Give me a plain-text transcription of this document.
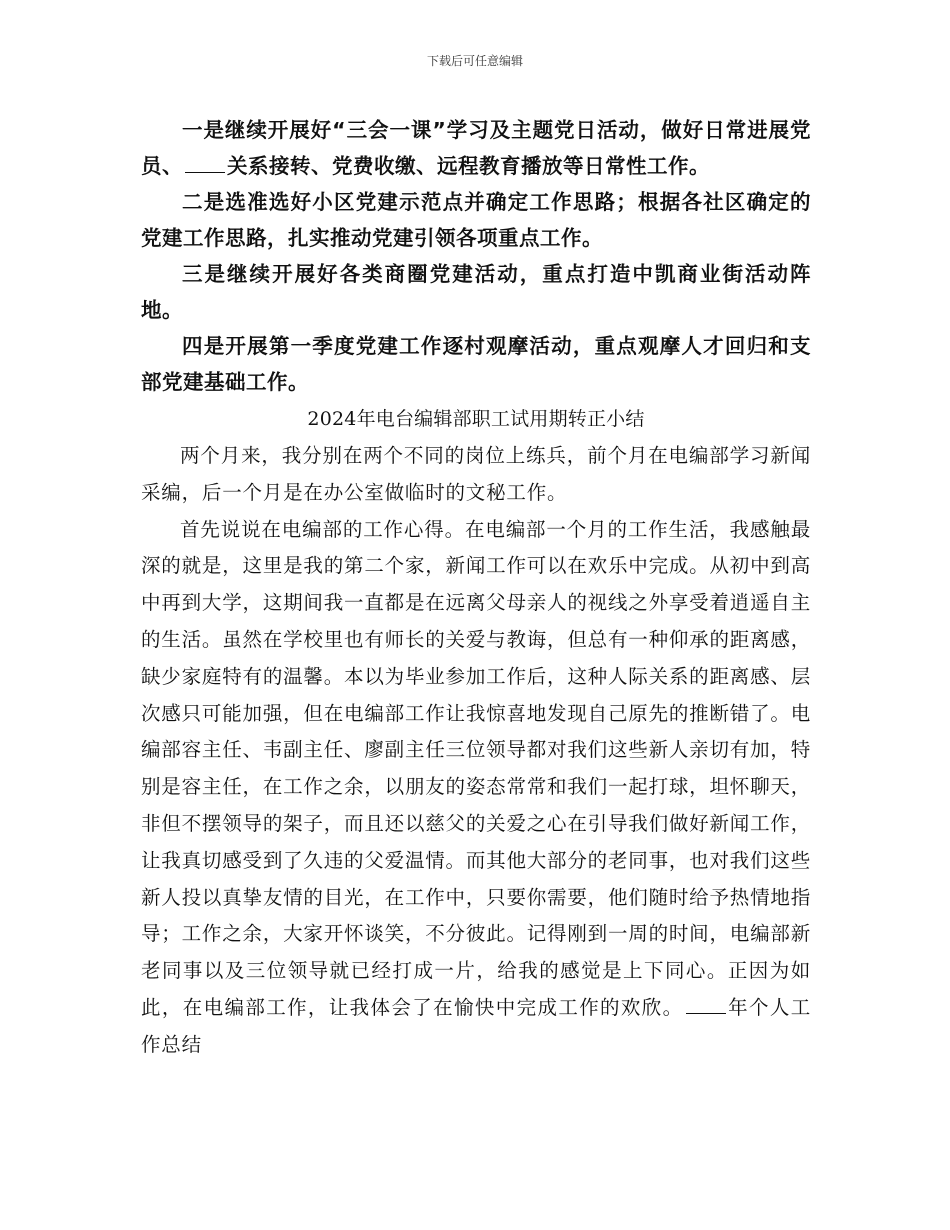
下载后可任意编辑

一是继续开展好“三会一课”学习及主题党日活动，做好日常进展党员、 关系接转、党费收缴、远程教育播放等日常性工作。

二是选准选好小区党建示范点并确定工作思路；根据各社区确定的党建工作思路，扎实推动党建引领各项重点工作。

三是继续开展好各类商圈党建活动，重点打造中凯商业街活动阵地。

四是开展第一季度党建工作逐村观摩活动，重点观摩人才回归和支部党建基础工作。

2024年电台编辑部职工试用期转正小结

两个月来，我分别在两个不同的岗位上练兵，前个月在电编部学习新闻采编，后一个月是在办公室做临时的文秘工作。

首先说说在电编部的工作心得。在电编部一个月的工作生活，我感触最深的就是，这里是我的第二个家，新闻工作可以在欢乐中完成。从初中到高中再到大学，这期间我一直都是在远离父母亲人的视线之外享受着逍遥自主的生活。虽然在学校里也有师长的关爱与教诲，但总有一种仰承的距离感，缺少家庭特有的温馨。本以为毕业参加工作后，这种人际关系的距离感、层次感只可能加强，但在电编部工作让我惊喜地发现自己原先的推断错了。电编部容主任、韦副主任、廖副主任三位领导都对我们这些新人亲切有加，特别是容主任，在工作之余，以朋友的姿态常常和我们一起打球，坦怀聊天，非但不摆领导的架子，而且还以慈父的关爱之心在引导我们做好新闻工作，让我真切感受到了久违的父爱温情。而其他大部分的老同事，也对我们这些新人投以真挚友情的目光，在工作中，只要你需要，他们随时给予热情地指导；工作之余，大家开怀谈笑，不分彼此。记得刚到一周的时间，电编部新老同事以及三位领导就已经打成一片，给我的感觉是上下同心。正因为如此，在电编部工作，让我体会了在愉快中完成工作的欢欣。 年个人工作总结
